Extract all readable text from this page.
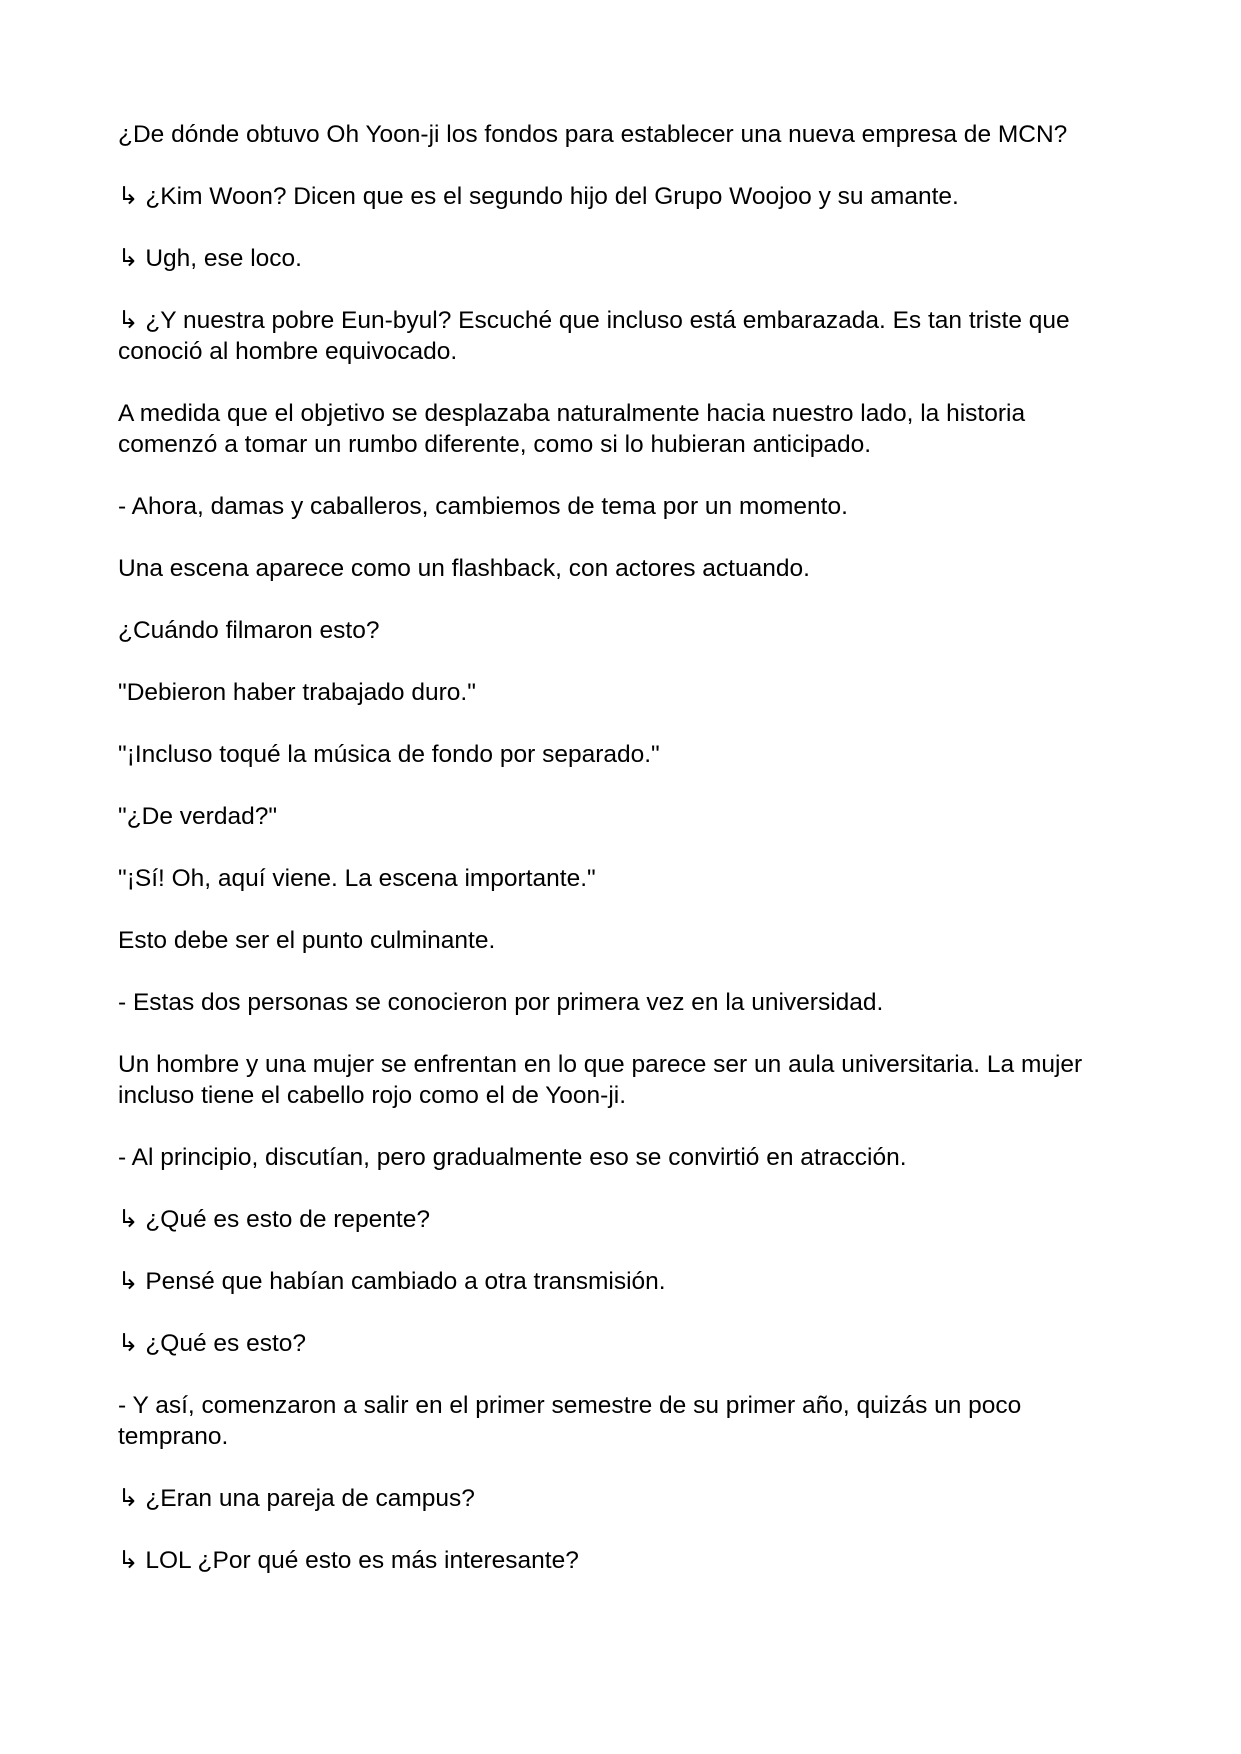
¿De dónde obtuvo Oh Yoon-ji los fondos para establecer una nueva empresa de MCN?

↳ ¿Kim Woon? Dicen que es el segundo hijo del Grupo Woojoo y su amante.

↳ Ugh, ese loco.

↳ ¿Y nuestra pobre Eun-byul? Escuché que incluso está embarazada. Es tan triste que conoció al hombre equivocado.

A medida que el objetivo se desplazaba naturalmente hacia nuestro lado, la historia comenzó a tomar un rumbo diferente, como si lo hubieran anticipado.

- Ahora, damas y caballeros, cambiemos de tema por un momento.

Una escena aparece como un flashback, con actores actuando.

¿Cuándo filmaron esto?

"Debieron haber trabajado duro."

"¡Incluso toqué la música de fondo por separado."

"¿De verdad?"

"¡Sí! Oh, aquí viene. La escena importante."

Esto debe ser el punto culminante.

- Estas dos personas se conocieron por primera vez en la universidad.

Un hombre y una mujer se enfrentan en lo que parece ser un aula universitaria. La mujer incluso tiene el cabello rojo como el de Yoon-ji.

- Al principio, discutían, pero gradualmente eso se convirtió en atracción.

↳ ¿Qué es esto de repente?

↳ Pensé que habían cambiado a otra transmisión.

↳ ¿Qué es esto?

- Y así, comenzaron a salir en el primer semestre de su primer año, quizás un poco temprano.

↳ ¿Eran una pareja de campus?

↳ LOL ¿Por qué esto es más interesante?
